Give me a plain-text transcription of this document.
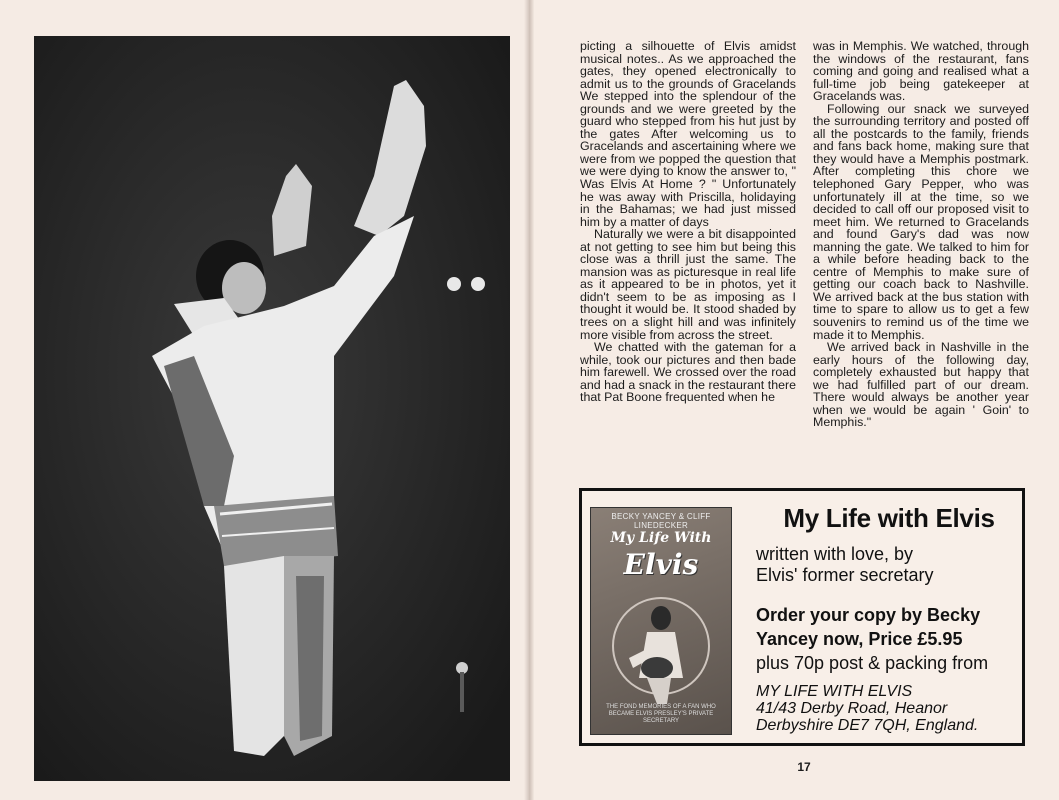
picting a silhouette of Elvis amidst musical notes.. As we approached the gates, they opened electronically to admit us to the grounds of Gracelands We stepped into the splendour of the grounds and we were greeted by the guard who stepped from his hut just by the gates After welcoming us to Gracelands and ascertaining where we were from we popped the question that we were dying to know the answer to, " Was Elvis At Home ? " Unfortunately he was away with Priscilla, holidaying in the Bahamas; we had just missed him by a matter of days

Naturally we were a bit disappointed at not getting to see him but being this close was a thrill just the same. The mansion was as picturesque in real life as it appeared to be in photos, yet it didn't seem to be as imposing as I thought it would be. It stood shaded by trees on a slight hill and was infinitely more visible from across the street.

We chatted with the gateman for a while, took our pictures and then bade him farewell. We crossed over the road and had a snack in the restaurant there that Pat Boone frequented when he

was in Memphis. We watched, through the windows of the restaurant, fans coming and going and realised what a full-time job being gatekeeper at Gracelands was.

Following our snack we surveyed the surrounding territory and posted off all the postcards to the family, friends and fans back home, making sure that they would have a Memphis postmark. After completing this chore we telephoned Gary Pepper, who was unfortunately ill at the time, so we decided to call off our proposed visit to meet him. We returned to Gracelands and found Gary's dad was now manning the gate. We talked to him for a while before heading back to the centre of Memphis to make sure of getting our coach back to Nashville. We arrived back at the bus station with time to spare to allow us to get a few souvenirs to remind us of the time we made it to Memphis.

We arrived back in Nashville in the early hours of the following day, completely exhausted but happy that we had fulfilled part of our dream. There would always be another year when we would be again ' Goin' to Memphis."

BECKY YANCEY & CLIFF LINEDECKER
My Life With
Elvis
THE FOND MEMORIES OF A FAN WHO BECAME ELVIS PRESLEY'S PRIVATE SECRETARY
My Life with Elvis
written with love, by Elvis' former secretary
Order your copy by Becky Yancey now, Price £5.95
plus 70p post & packing from
MY LIFE WITH ELVIS
41/43 Derby Road, Heanor
Derbyshire DE7 7QH, England.
17
